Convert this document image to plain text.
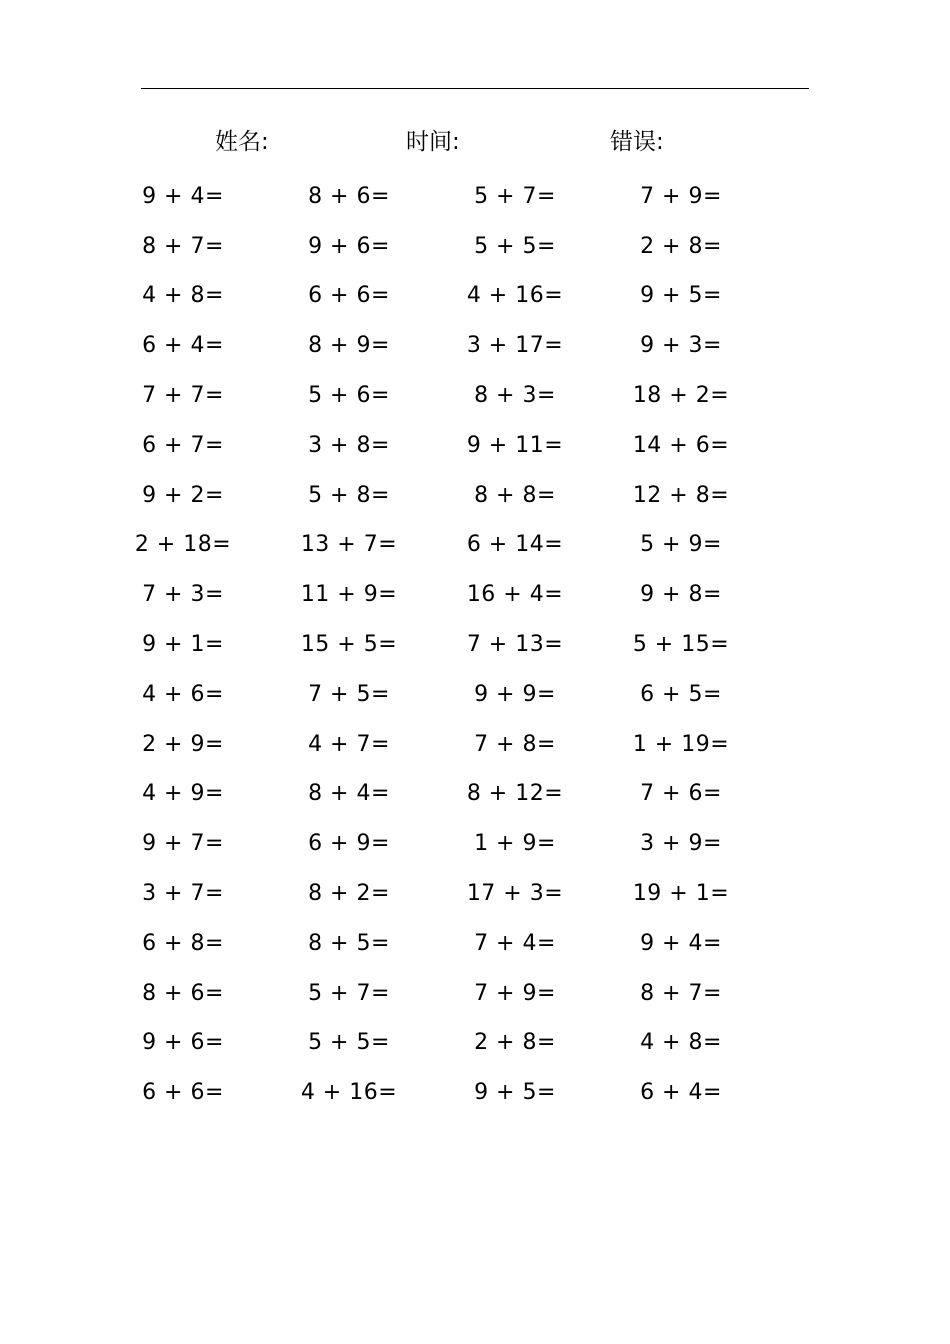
姓名:	时间:	错误:
9 + 4=	8 + 6=	5 + 7=	7 + 9=
8 + 7=	9 + 6=	5 + 5=	2 + 8=
4 + 8=	6 + 6=	4 + 16=	9 + 5=
6 + 4=	8 + 9=	3 + 17=	9 + 3=
7 + 7=	5 + 6=	8 + 3=	18 + 2=
6 + 7=	3 + 8=	9 + 11=	14 + 6=
9 + 2=	5 + 8=	8 + 8=	12 + 8=
2 + 18=	13 + 7=	6 + 14=	5 + 9=
7 + 3=	11 + 9=	16 + 4=	9 + 8=
9 + 1=	15 + 5=	7 + 13=	5 + 15=
4 + 6=	7 + 5=	9 + 9=	6 + 5=
2 + 9=	4 + 7=	7 + 8=	1 + 19=
4 + 9=	8 + 4=	8 + 12=	7 + 6=
9 + 7=	6 + 9=	1 + 9=	3 + 9=
3 + 7=	8 + 2=	17 + 3=	19 + 1=
6 + 8=	8 + 5=	7 + 4=	9 + 4=
8 + 6=	5 + 7=	7 + 9=	8 + 7=
9 + 6=	5 + 5=	2 + 8=	4 + 8=
6 + 6=	4 + 16=	9 + 5=	6 + 4=
